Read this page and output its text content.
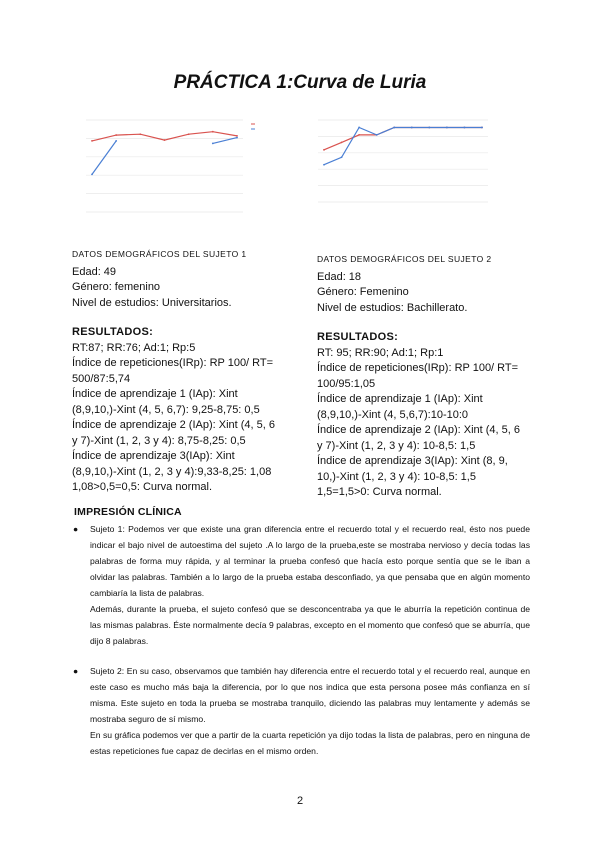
PRÁCTICA 1:Curva de Luria
DATOS DEMOGRÁFICOS DEL SUJETO 1

Edad: 49

Género: femenino

Nivel de estudios: Universitarios.

RESULTADOS:

RT:87; RR:76; Ad:1; Rp:5

Índice de repeticiones(IRp): RP 100/ RT=

500/87:5,74

Índice de aprendizaje 1 (IAp): Xint

(8,9,10,)-Xint (4, 5, 6,7): 9,25-8,75: 0,5

Índice de aprendizaje 2 (IAp): Xint (4, 5, 6

y 7)-Xint (1, 2, 3 y 4): 8,75-8,25: 0,5

Índice de aprendizaje 3(IAp): Xint

(8,9,10,)-Xint (1, 2, 3 y 4):9,33-8,25: 1,08

1,08>0,5=0,5: Curva normal.

DATOS DEMOGRÁFICOS DEL SUJETO 2

Edad: 18

Género: Femenino

Nivel de estudios: Bachillerato.

RESULTADOS:

RT: 95; RR:90; Ad:1; Rp:1

Índice de repeticiones(IRp): RP 100/ RT=

100/95:1,05

Índice de aprendizaje 1 (IAp): Xint

(8,9,10,)-Xint (4, 5,6,7):10-10:0

Índice de aprendizaje 2 (IAp): Xint (4, 5, 6

y 7)-Xint (1, 2, 3 y 4): 10-8,5: 1,5

Índice de aprendizaje 3(IAp): Xint (8, 9,

10,)-Xint (1, 2, 3 y 4): 10-8,5: 1,5

1,5=1,5>0: Curva normal.

IMPRESIÓN CLÍNICA
● Sujeto 1: Podemos ver que existe una gran diferencia entre el recuerdo total y el recuerdo real, ésto nos puede indicar el bajo nivel de autoestima del sujeto .A lo largo de la prueba,este se mostraba nervioso y decía todas las palabras de forma muy rápida, y al terminar la prueba confesó que hacía esto porque sentía que se le iban a olvidar las palabras. También a lo largo de la prueba estaba desconfiado, ya que pensaba que en algún momento cambiaría la lista de palabras.
Además, durante la prueba, el sujeto confesó que se desconcentraba ya que le aburría la repetición continua de las mismas palabras. Éste normalmente decía 9 palabras, excepto en el momento que confesó que se aburría, que dijo 8 palabras.
● Sujeto 2: En su caso, observamos que también hay diferencia entre el recuerdo total y el recuerdo real, aunque en este caso es mucho más baja la diferencia, por lo que nos indica que esta persona posee más confianza en sí misma. Este sujeto en toda la prueba se mostraba tranquilo, diciendo las palabras muy lentamente y además se mostraba seguro de sí mismo.
En su gráfica podemos ver que a partir de la cuarta repetición ya dijo todas la lista de palabras, pero en ninguna de estas repeticiones fue capaz de decirlas en el mismo orden.
2
